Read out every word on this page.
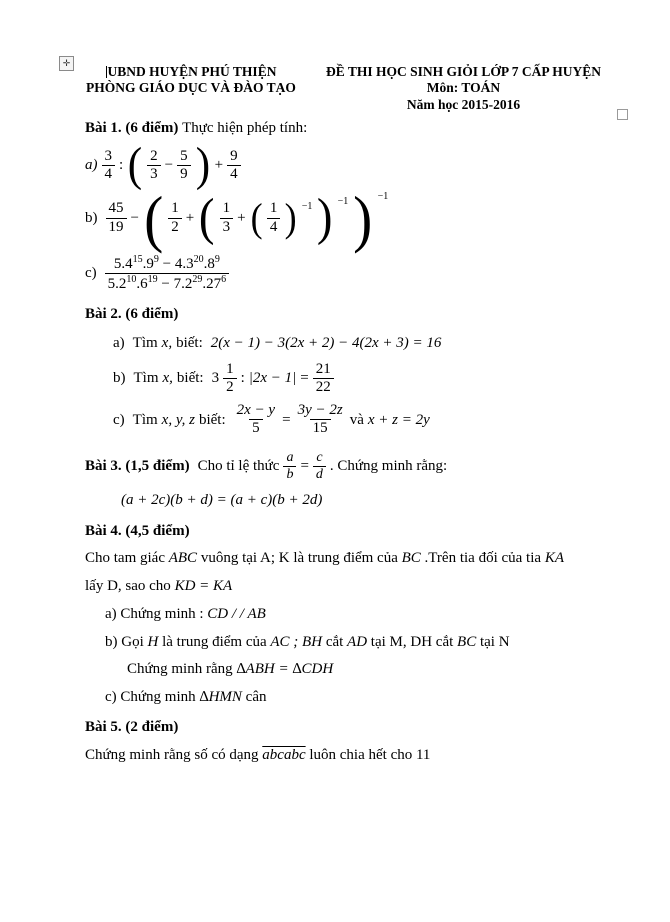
✛
UBND HUYỆN PHÚ THIỆN
PHÒNG GIÁO DỤC VÀ ĐÀO TẠO
ĐỀ THI HỌC SINH GIỎI LỚP 7 CẤP HUYỆN
Môn: TOÁN
Năm học 2015-2016
Bài 1. (6 điểm) Thực hiện phép tính:
$a) \frac{3}{4}$ : ( $\frac{2}{3} - \frac{5}{9}$ ) + $\frac{9}{4}$
$b) \frac{45}{19}$ − ( $\frac{1}{2}$ + ( $\frac{1}{3}$ + ( $\frac{1}{4}$ ) −1 ) −1 ) −1
$c) \frac{5.4^{15}.9^9 - 4.3^{20}.8^9}{5.2^{10}.6^{19} - 7.2^{29}.27^6}$
Bài 2. (6 điểm)
a) Tìm x, biết: 2(x − 1) − 3(2x + 2) − 4(2x + 3) = 16
b) Tìm x, biết: $3 \frac{1}{2}$ : $|2x - 1| = \frac{21}{22}$
c) Tìm x, y, z biết: $\frac{2x - y}{5} = \frac{3y - 2z}{15}$ và x + z = 2y
Bài 3. (1,5 điểm) Cho tỉ lệ thức $\frac{a}{b} = \frac{c}{d}$ . Chứng minh rằng:
(a + 2c)(b + d) = (a + c)(b + 2d)
Bài 4. (4,5 điểm)
Cho tam giác ABC vuông tại A; K là trung điểm của BC .Trên tia đối của tia KA
lấy D, sao cho KD = KA
a) Chứng minh : CD / / AB
b) Gọi H là trung điểm của AC ; BH cắt AD tại M, DH cắt BC tại N
Chứng minh rằng ∆ABH = ∆CDH
c) Chứng minh ∆HMN cân
Bài 5. (2 điểm)
Chứng minh rằng số có dạng abcabc luôn chia hết cho 11
